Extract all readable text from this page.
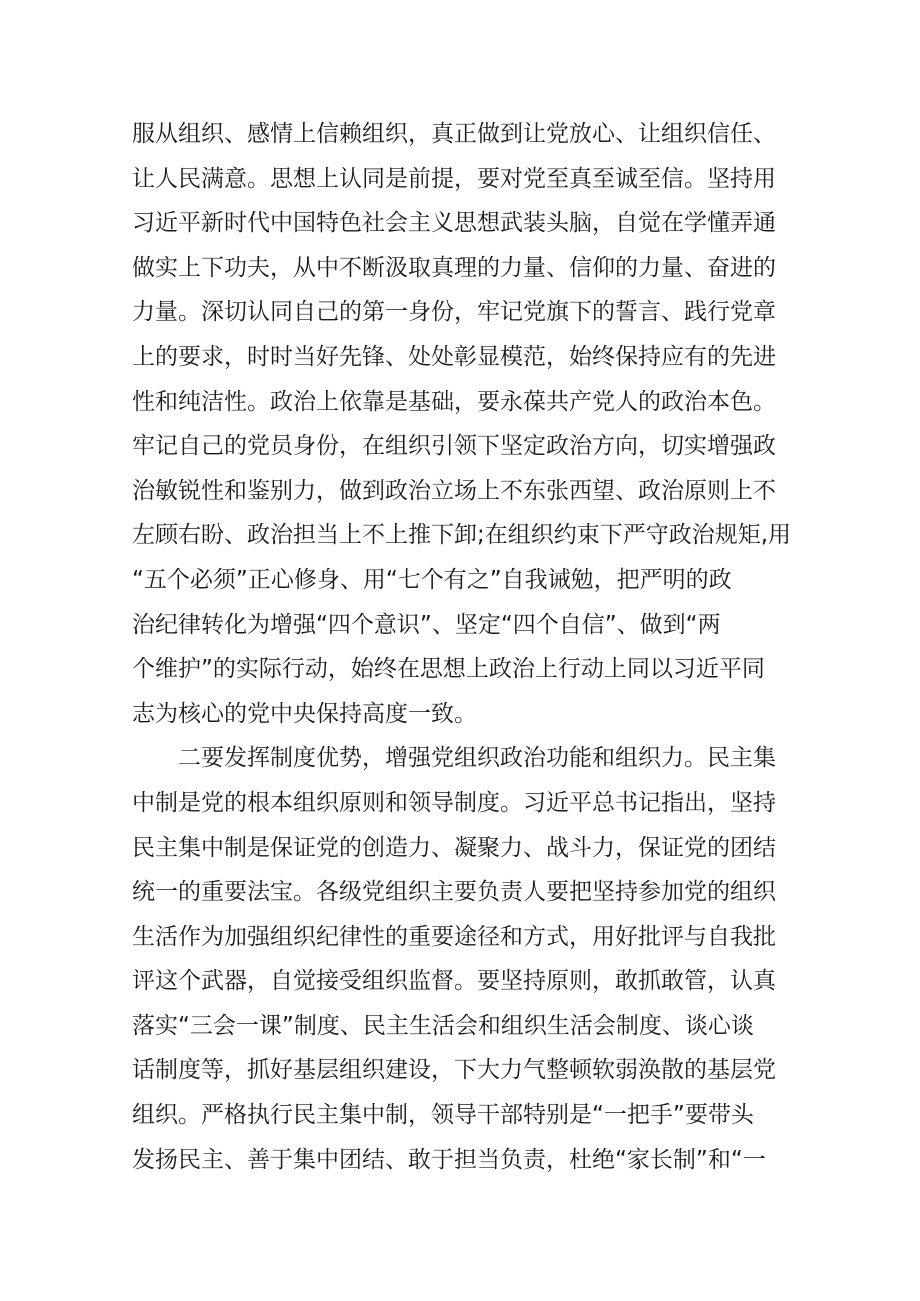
服从组织、感情上信赖组织，真正做到让党放心、让组织信任、
让人民满意。思想上认同是前提，要对党至真至诚至信。坚持用
习近平新时代中国特色社会主义思想武装头脑，自觉在学懂弄通
做实上下功夫，从中不断汲取真理的力量、信仰的力量、奋进的
力量。深切认同自己的第一身份，牢记党旗下的誓言、践行党章
上的要求，时时当好先锋、处处彰显模范，始终保持应有的先进
性和纯洁性。政治上依靠是基础，要永葆共产党人的政治本色。
牢记自己的党员身份，在组织引领下坚定政治方向，切实增强政
治敏锐性和鉴别力，做到政治立场上不东张西望、政治原则上不
左顾右盼、政治担当上不上推下卸;在组织约束下严守政治规矩,用
“五个必须”正心修身、用“七个有之”自我诫勉，把严明的政
治纪律转化为增强“四个意识”、坚定“四个自信”、做到“两
个维护”的实际行动，始终在思想上政治上行动上同以习近平同
志为核心的党中央保持高度一致。
二要发挥制度优势，增强党组织政治功能和组织力。民主集
中制是党的根本组织原则和领导制度。习近平总书记指出，坚持
民主集中制是保证党的创造力、凝聚力、战斗力，保证党的团结
统一的重要法宝。各级党组织主要负责人要把坚持参加党的组织
生活作为加强组织纪律性的重要途径和方式，用好批评与自我批
评这个武器，自觉接受组织监督。要坚持原则，敢抓敢管，认真
落实“三会一课”制度、民主生活会和组织生活会制度、谈心谈
话制度等，抓好基层组织建设，下大力气整顿软弱涣散的基层党
组织。严格执行民主集中制，领导干部特别是“一把手”要带头
发扬民主、善于集中团结、敢于担当负责，杜绝“家长制”和“一
